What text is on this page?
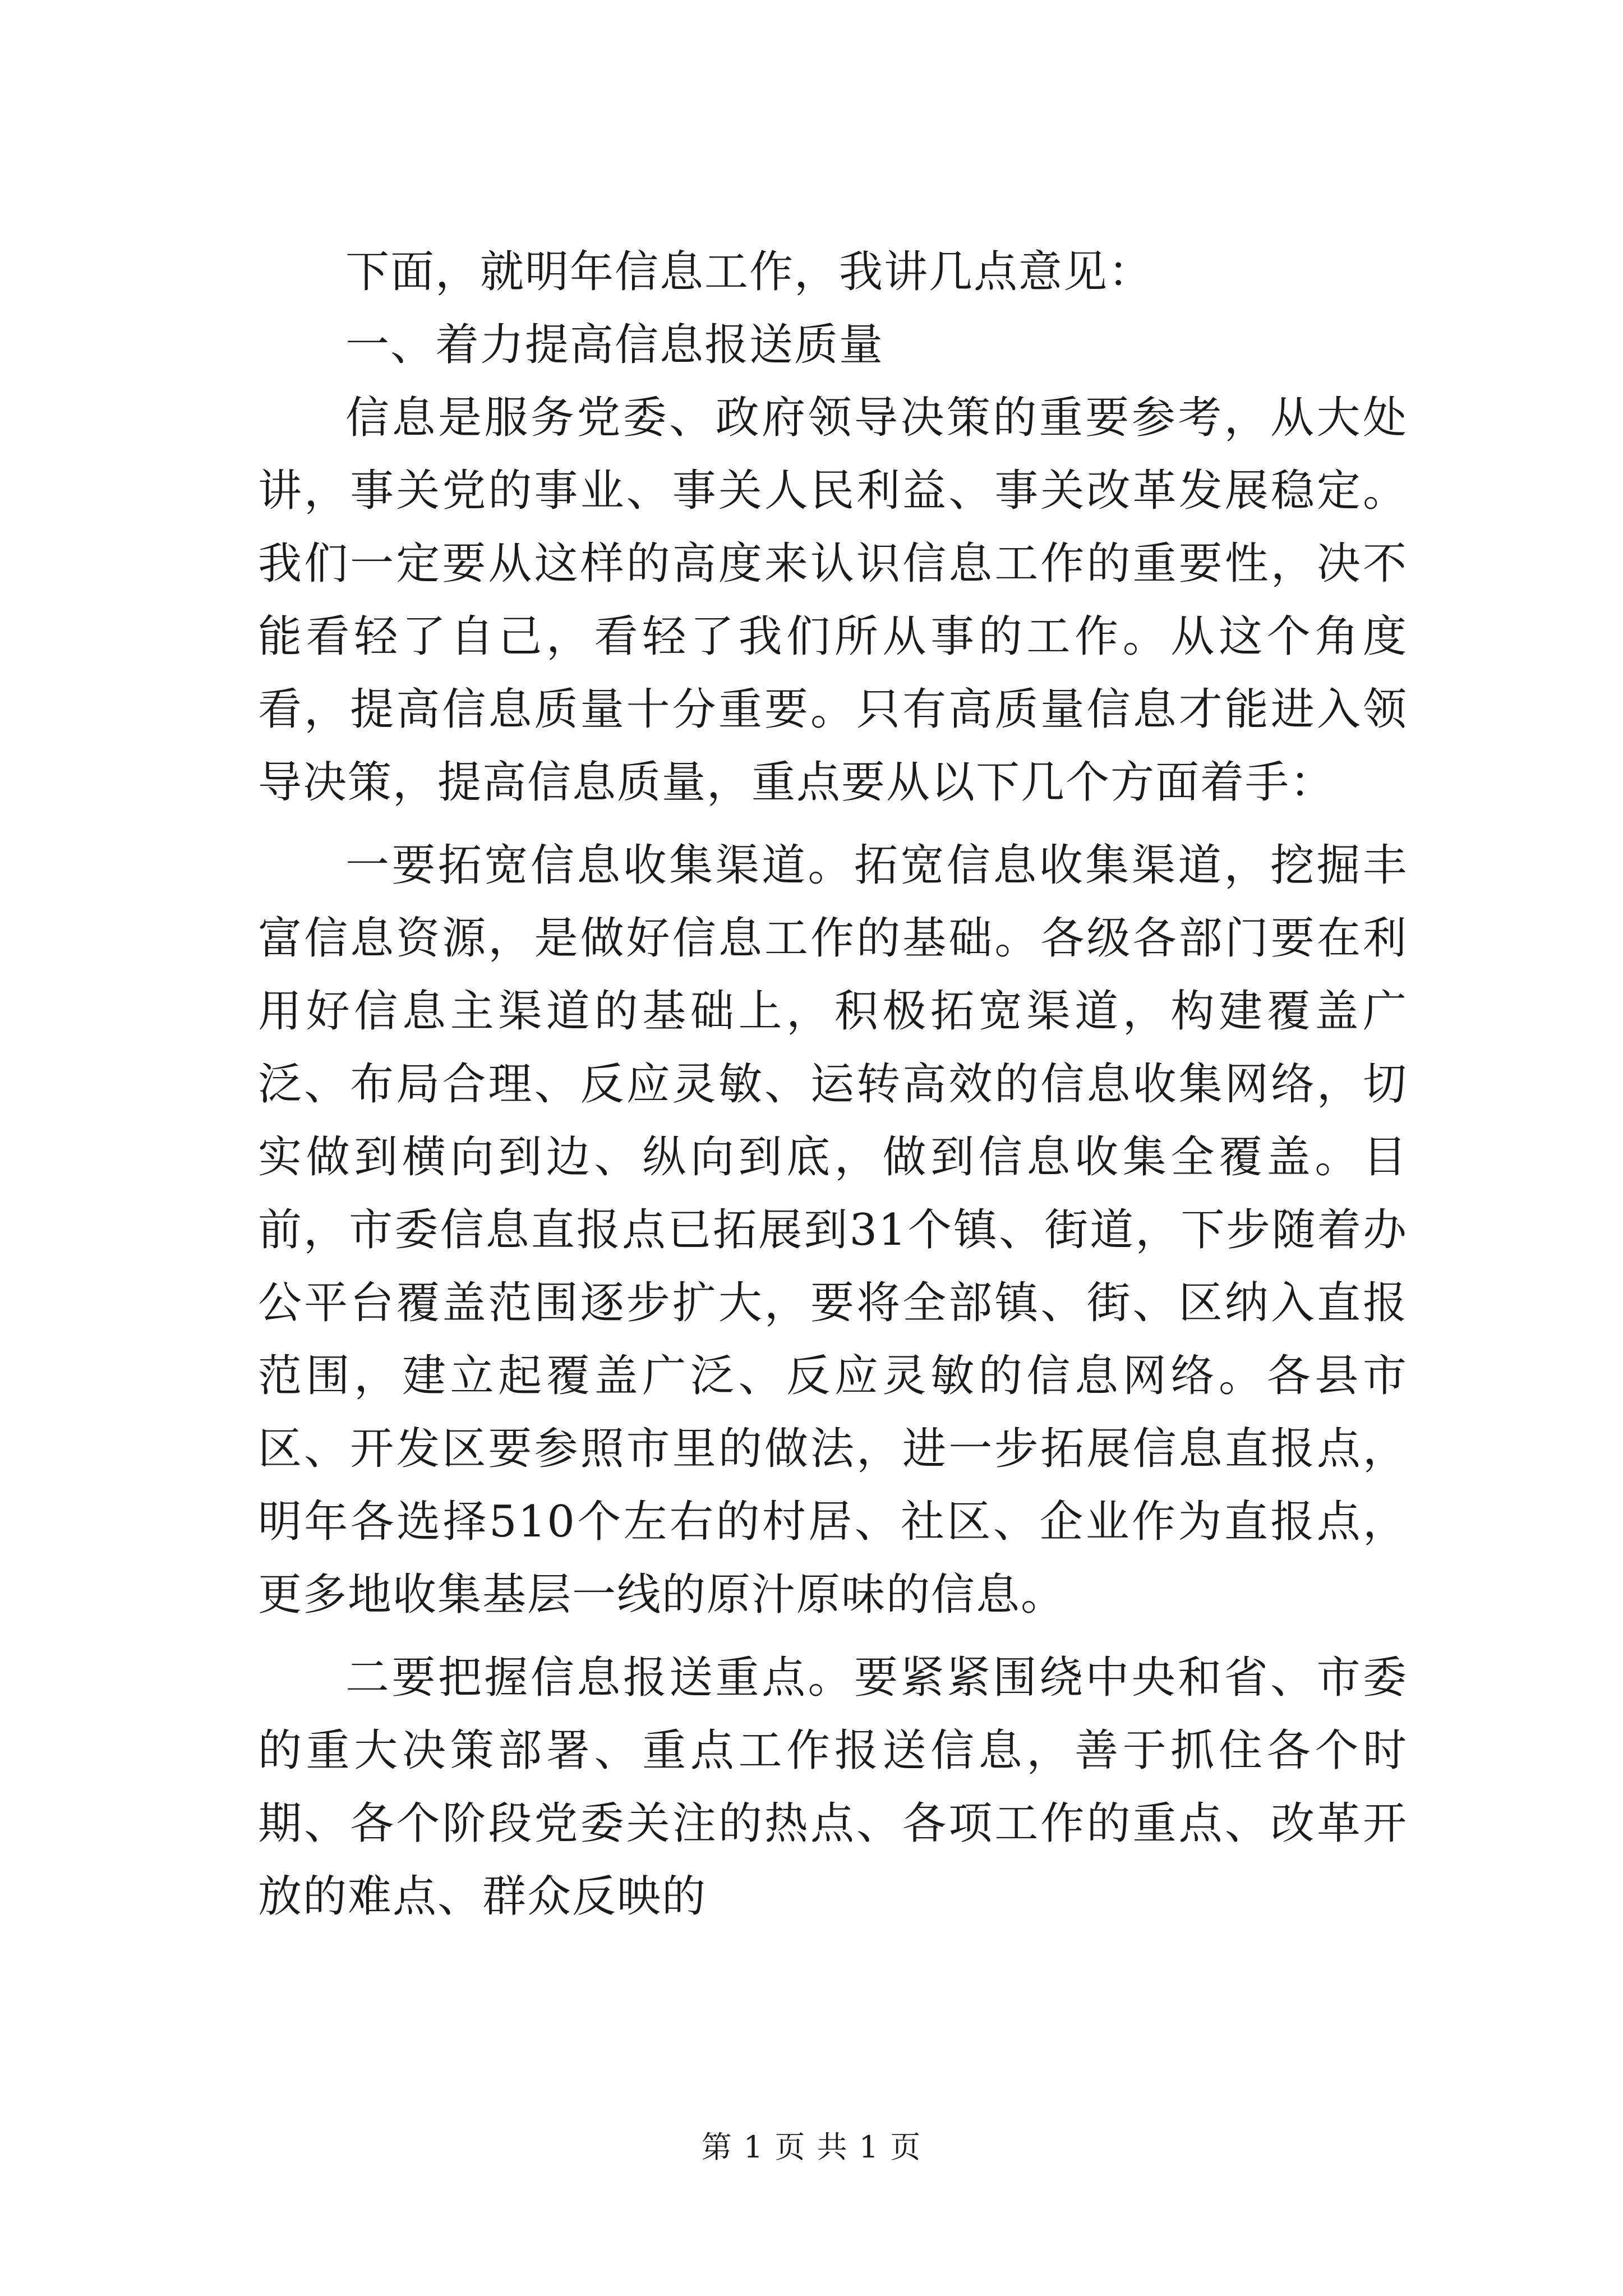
下面，就明年信息工作，我讲几点意见：

一、着力提高信息报送质量

信息是服务党委、政府领导决策的重要参考，从大处讲，事关党的事业、事关人民利益、事关改革发展稳定。我们一定要从这样的高度来认识信息工作的重要性，决不能看轻了自己，看轻了我们所从事的工作。从这个角度看，提高信息质量十分重要。只有高质量信息才能进入领导决策，提高信息质量，重点要从以下几个方面着手：

一要拓宽信息收集渠道。拓宽信息收集渠道，挖掘丰富信息资源，是做好信息工作的基础。各级各部门要在利用好信息主渠道的基础上，积极拓宽渠道，构建覆盖广泛、布局合理、反应灵敏、运转高效的信息收集网络，切实做到横向到边、纵向到底，做到信息收集全覆盖。目前，市委信息直报点已拓展到31个镇、街道，下步随着办公平台覆盖范围逐步扩大，要将全部镇、街、区纳入直报范围，建立起覆盖广泛、反应灵敏的信息网络。各县市区、开发区要参照市里的做法，进一步拓展信息直报点，明年各选择510个左右的村居、社区、企业作为直报点，更多地收集基层一线的原汁原味的信息。

二要把握信息报送重点。要紧紧围绕中央和省、市委的重大决策部署、重点工作报送信息，善于抓住各个时期、各个阶段党委关注的热点、各项工作的重点、改革开放的难点、群众反映的

第 1 页 共 1 页
